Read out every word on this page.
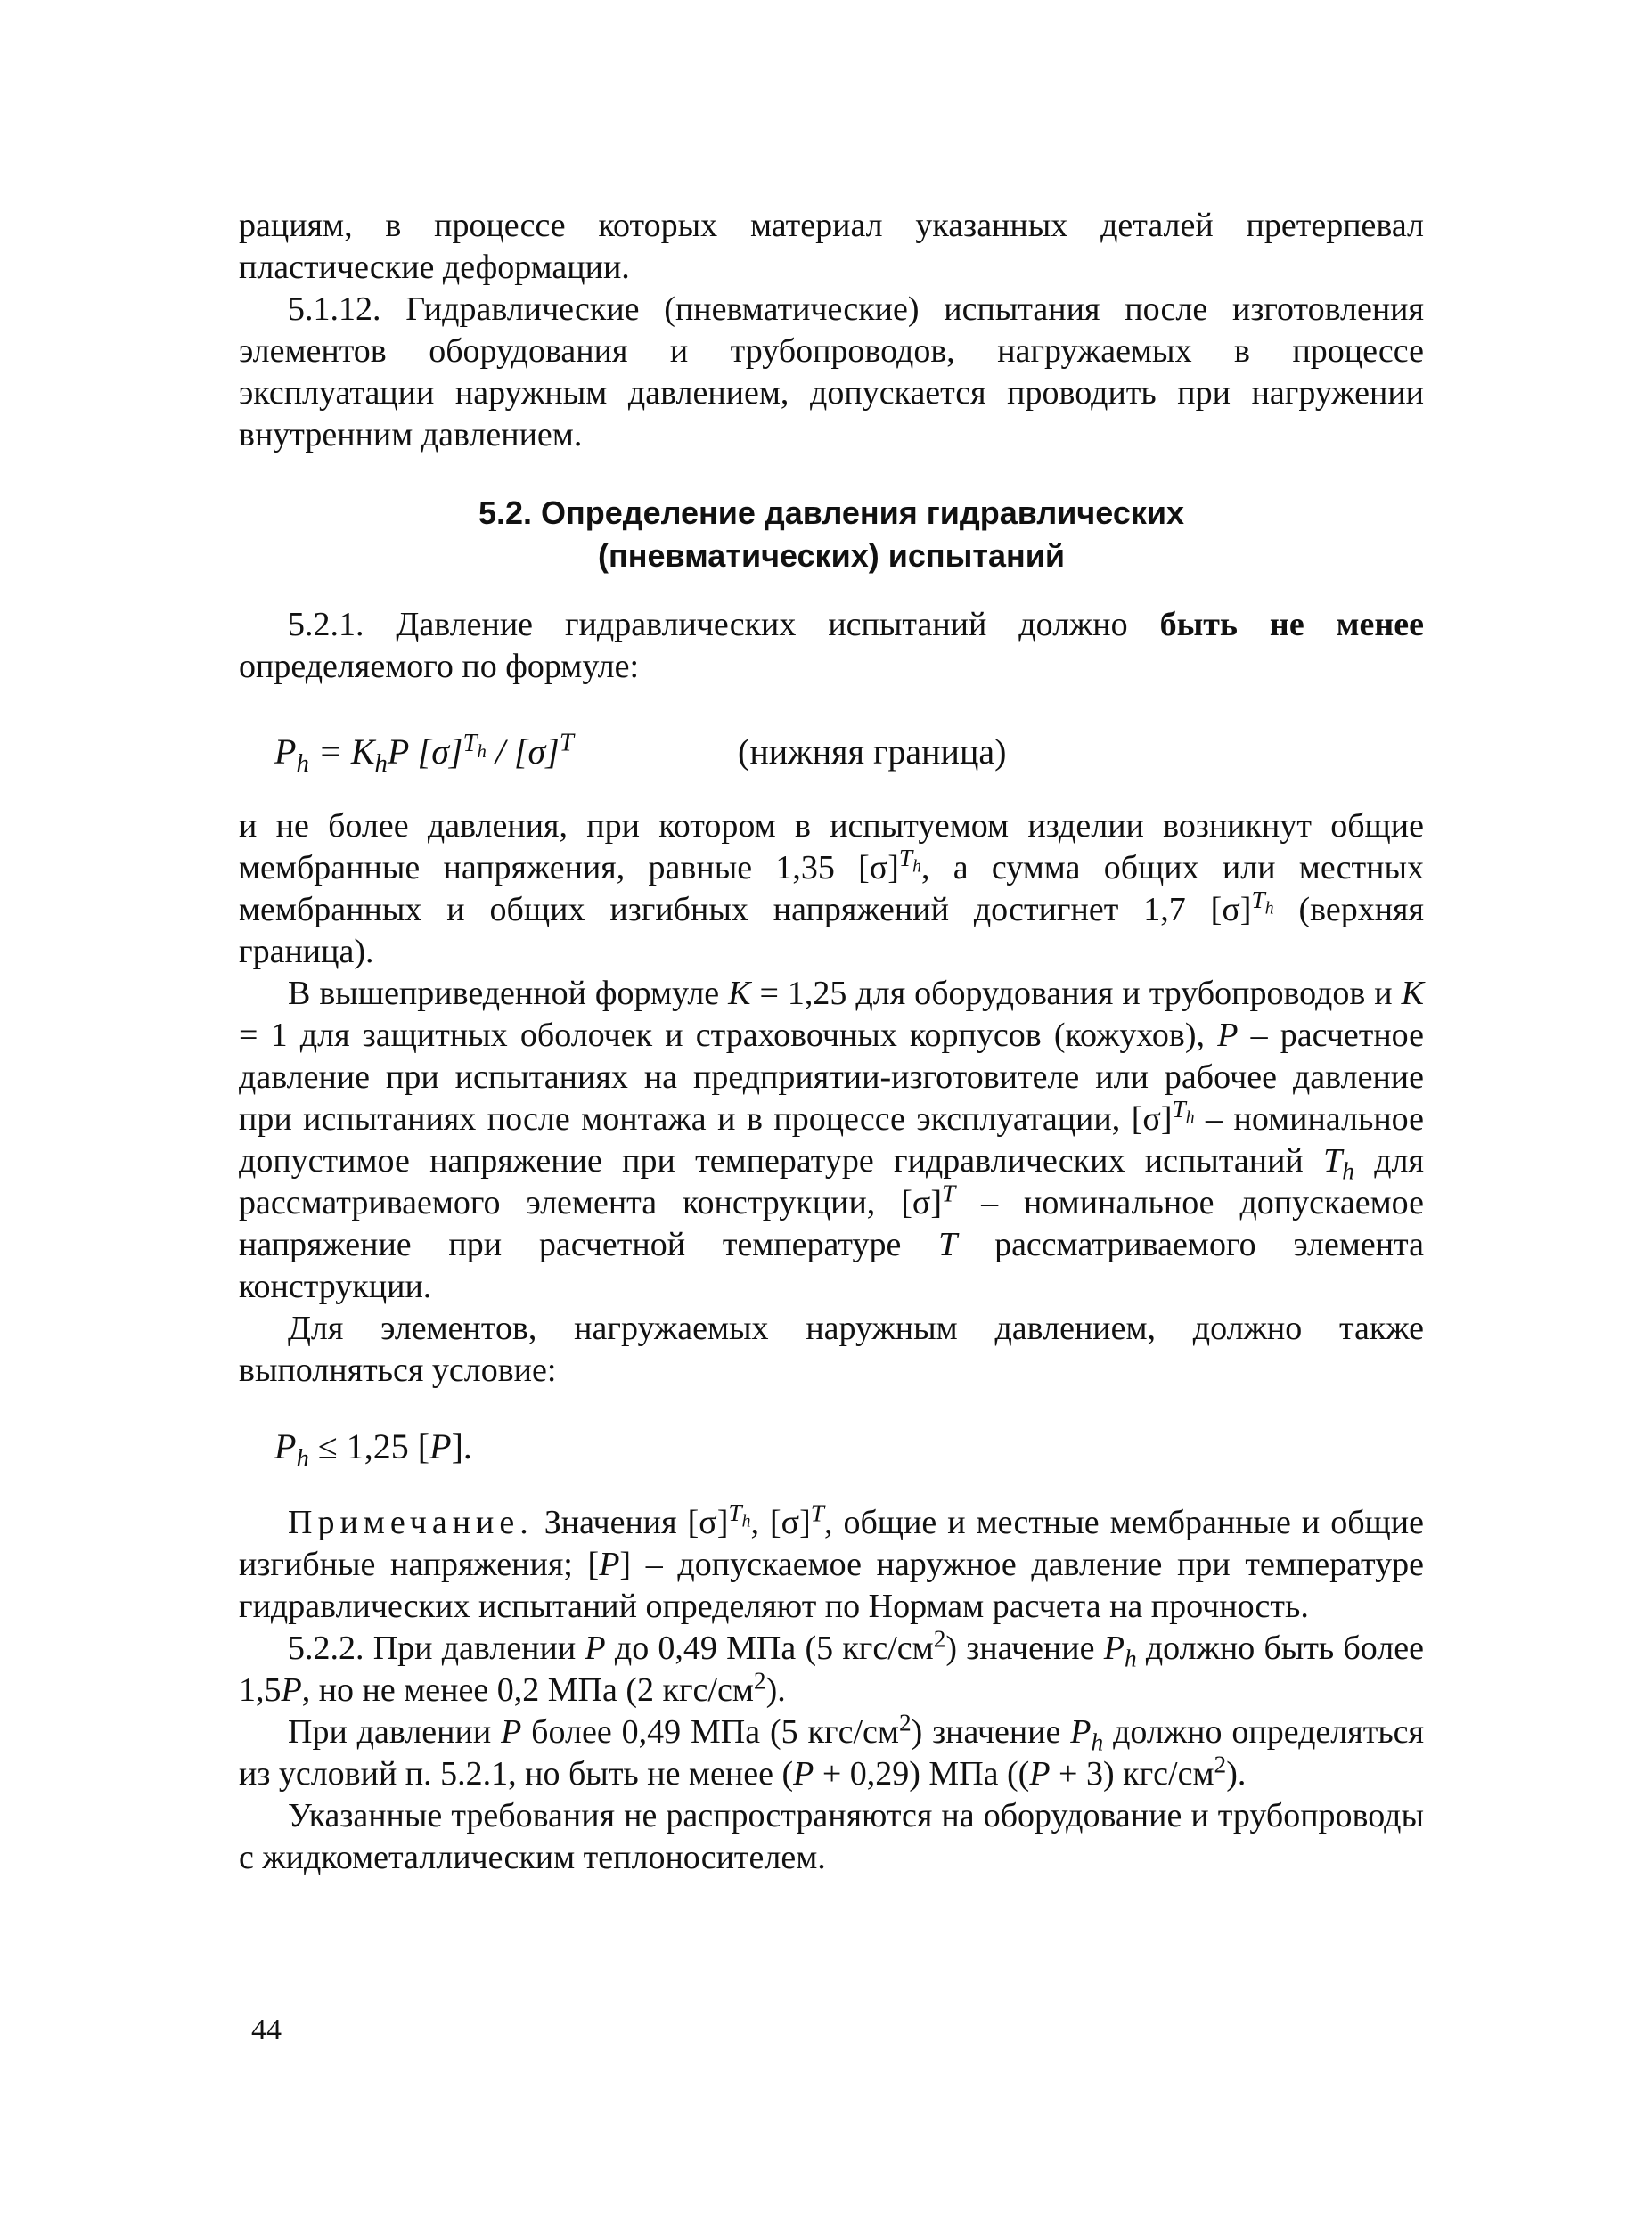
рациям, в процессе которых материал указанных деталей претерпевал пластические деформации.

5.1.12. Гидравлические (пневматические) испытания после изготовления элементов оборудования и трубопроводов, нагружаемых в процессе эксплуатации наружным давлением, допускается проводить при нагружении внутренним давлением.

5.2. Определение давления гидравлических
(пневматических) испытаний

5.2.1. Давление гидравлических испытаний должно быть не менее определяемого по формуле:

$P_h = K_hP$ $[\sigma]^{T_h} / [\sigma]^T$	(нижняя граница)

и не более давления, при котором в испытуемом изделии возникнут общие мембранные напряжения, равные 1,35 $[\sigma]^{T_h}$, а сумма общих или местных мембранных и общих изгибных напряжений достигнет 1,7 $[\sigma]^{T_h}$ (верхняя граница).

В вышеприведенной формуле K = 1,25 для оборудования и трубопроводов и K = 1 для защитных оболочек и страховочных корпусов (кожухов), P – расчетное давление при испытаниях на предприятии-изготовителе или рабочее давление при испытаниях после монтажа и в процессе эксплуатации, $[\sigma]^{T_h}$ – номинальное допустимое напряжение при температуре гидравлических испытаний $T_h$ для рассматриваемого элемента конструкции, $[\sigma]^T$ – номинальное допускаемое напряжение при расчетной температуре T рассматриваемого элемента конструкции.

Для элементов, нагружаемых наружным давлением, должно также выполняться условие:

$P_h \le 1,25$ [P].

Примечание. Значения $[\sigma]^{T_h}$, $[\sigma]^T$, общие и местные мембранные и общие изгибные напряжения; [P] – допускаемое наружное давление при температуре гидравлических испытаний определяют по Нормам расчета на прочность.

5.2.2. При давлении P до 0,49 МПа (5 кгс/$см^2$) значение $P_h$ должно быть более 1,5P, но не менее 0,2 МПа (2 кгс/$см^2$).

При давлении P более 0,49 МПа (5 кгс/$см^2$) значение $P_h$ должно определяться из условий п. 5.2.1, но быть не менее (P + 0,29) МПа ((P + 3) кгс/$см^2$).

Указанные требования не распространяются на оборудование и трубопроводы с жидкометаллическим теплоносителем.

44
